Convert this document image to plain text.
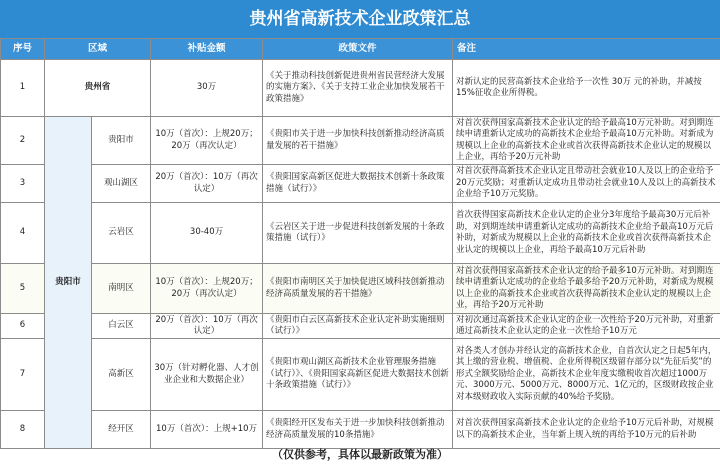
贵州省高新技术企业政策汇总
序号	区域		补贴金额	政策文件	备注
1	贵州省		30万	《关于推动科技创新促进贵州省民营经济大发展的实施方案》、《关于支持工业企业加快发展若干政策措施》	对新认定的民营高新技术企业给予一次性 30万 元的补助，并减按15%征收企业所得税。
2	贵阳市	贵阳市	10万（首次）：上规20万；20万（再次认定）	《贵阳市关于进一步加快科技创新推动经济高质量发展的若干措施》	对首次获得国家高新技术企业认定的给予最高10万元补助。对到期连续申请重新认定成功的高新技术企业给予最高10万元补助。对新成为规模以上企业的高新技术企业或首次获得高新技术企业认定的规模以上企业，再给予20万元补助
3		观山湖区	20万（首次）：10万（再次认定）	《贵阳国家高新区促进大数据技术创新十条政策措施（试行）》	对首次获得高新技术企业认定且带动社会就业10人及以上的企业给予20万元奖励；对重新认定成功且带动社会就业10人及以上的高新技术企业给予10万元奖励。
4		云岩区	30-40万	《云岩区关于进一步促进科技创新发展的十条政策措施（试行）》	首次获得国家高新技术企业认定的企业分3年度给予最高30万元后补助，对到期连续申请重新认定成功的高新技术企业给予最高10万元后补助，对新成为规模以上企业的高新技术企业或首次获得高新技术企业认定的规模以上企业，再给予最高10万元后补助
5		南明区	10万（首次）：上规20万；20万（再次认定）	《贵阳市南明区关于加快促进区域科技创新推动经济高质量发展的若干措施》	对首次获得国家高新技术企业认定的给予最多10万元补助。对到期连续申请重新认定成功的企业给予最多给予20万元补助，对新成为规模以上企业的高新技术企业或首次获得高新技术企业认定的规模以上企业，再给予20万元补助
6		白云区	20万（首次）：10万（再次认定）	《贵阳市白云区高新技术企业认定补助实施细则（试行）》	对初次通过高新技术企业认定的企业一次性给予20万元补助，对重新通过高新技术企业认定的企业一次性给予10万元
7		高新区	30万（针对孵化器、人才创业企业和大数据企业）	《贵阳市观山湖区高新技术企业管理服务措施（试行）》、《贵阳国家高新区促进大数据技术创新十条政策措施（试行）》	对各类人才创办并经认定的高新技术企业，自首次认定之日起5年内，其上缴的营业税、增值税、企业所得税区级留存部分以“先征后奖”的形式全额奖励给企业，高新技术企业年度实缴税收首次超过1000万元、3000万元、5000万元、8000万元、1亿元的，区级财政按企业对本级财政收入实际贡献的40%给予奖励。
8		经开区	10万（首次）：上规+10万	《贵阳经开区发布关于进一步加快科技创新推动经济高质量发展的10条措施》	对首次获得国家高新技术企业认定的企业给予10万元后补助，对规模以下的高新技术企业，当年新上规入统的再给予10万元的后补助
（仅供参考，具体以最新政策为准）
